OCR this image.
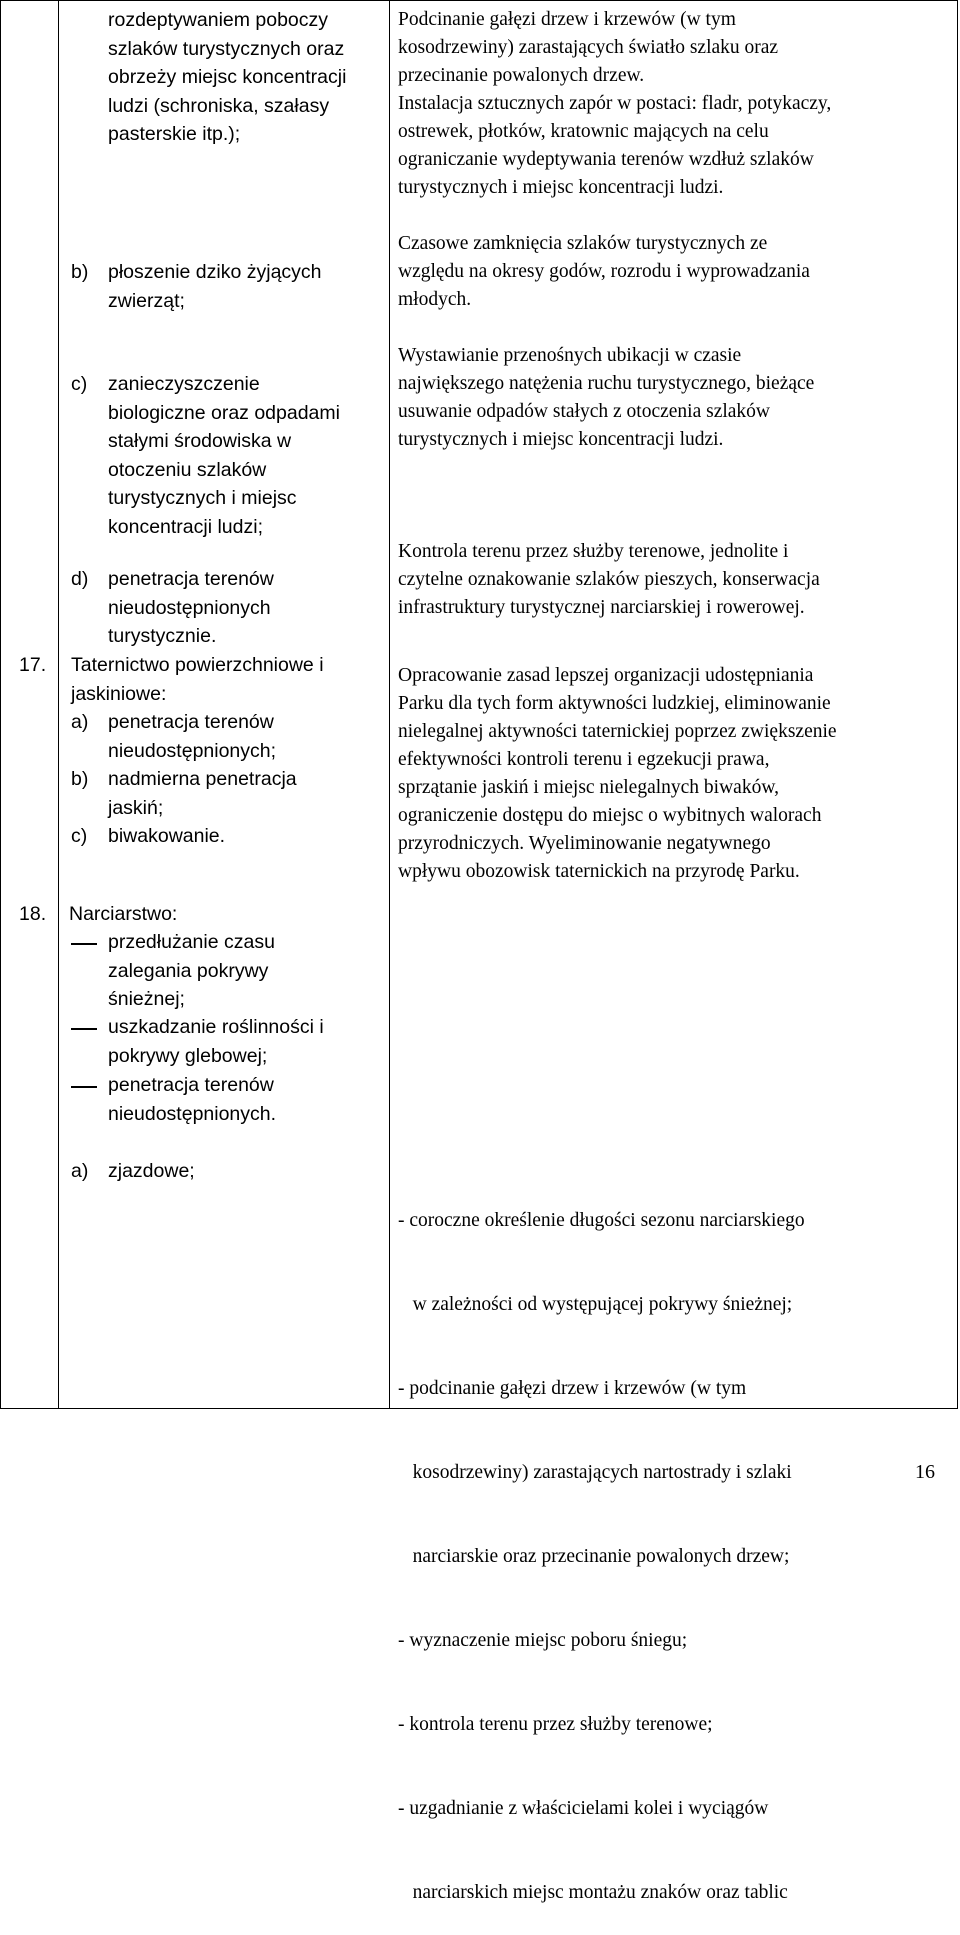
rozdeptywaniem poboczy
szlaków turystycznych oraz
obrzeży miejsc koncentracji
ludzi (schroniska, szałasy
pasterskie itp.);
b) płoszenie dziko żyjących
zwierząt;
c) zanieczyszczenie
biologiczne oraz odpadami
stałymi środowiska w
otoczeniu szlaków
turystycznych i miejsc
koncentracji ludzi;
d) penetracja terenów
nieudostępnionych
turystycznie.
17. Taternictwo powierzchniowe i
jaskiniowe:
a) penetracja terenów
nieudostępnionych;
b) nadmierna penetracja
jaskiń;
c) biwakowanie.
18. Narciarstwo:
przedłużanie czasu
zalegania pokrywy
śnieżnej;
uszkadzanie roślinności i
pokrywy glebowej;
penetracja terenów
nieudostępnionych.
a) zjazdowe;
Podcinanie gałęzi drzew i krzewów (w tym
kosodrzewiny) zarastających światło szlaku oraz
przecinanie powalonych drzew.
Instalacja sztucznych zapór w postaci: fladr, potykaczy,
ostrewek, płotków, kratownic mających na celu
ograniczanie wydeptywania terenów wzdłuż szlaków
turystycznych i miejsc koncentracji ludzi.
Czasowe zamknięcia szlaków turystycznych ze
względu na okresy godów, rozrodu i wyprowadzania
młodych.
Wystawianie przenośnych ubikacji w czasie
największego natężenia ruchu turystycznego, bieżące
usuwanie odpadów stałych z otoczenia szlaków
turystycznych i miejsc koncentracji ludzi.
Kontrola terenu przez służby terenowe, jednolite i
czytelne oznakowanie szlaków pieszych, konserwacja
infrastruktury turystycznej narciarskiej i rowerowej.
Opracowanie zasad lepszej organizacji udostępniania
Parku dla tych form aktywności ludzkiej, eliminowanie
nielegalnej aktywności taternickiej poprzez zwiększenie
efektywności kontroli terenu i egzekucji prawa,
sprzątanie jaskiń i miejsc nielegalnych biwaków,
ograniczenie dostępu do miejsc o wybitnych walorach
przyrodniczych. Wyeliminowanie negatywnego
wpływu obozowisk taternickich na przyrodę Parku.

- coroczne określenie długości sezonu narciarskiego

w zależności od występującej pokrywy śnieżnej;

- podcinanie gałęzi drzew i krzewów (w tym

kosodrzewiny) zarastających nartostrady i szlaki

narciarskie oraz przecinanie powalonych drzew;

- wyznaczenie miejsc poboru śniegu;

- kontrola terenu przez służby terenowe;

- uzgadnianie z właścicielami kolei i wyciągów

narciarskich miejsc montażu znaków oraz tablic

16
